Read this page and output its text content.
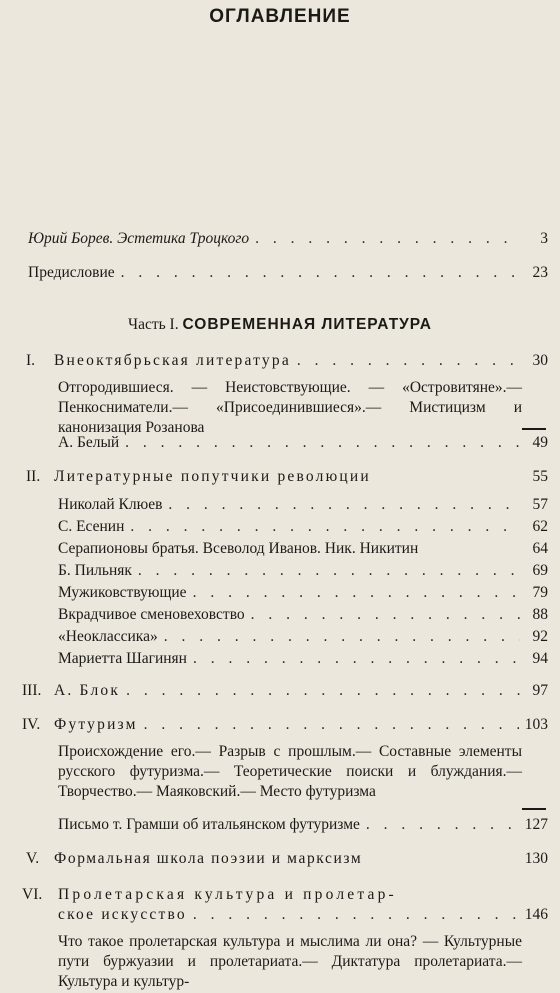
ОГЛАВЛЕНИЕ
Юрий Борев. Эстетика Троцкого . . .	3
Предисловие . . .	23
Часть I. СОВРЕМЕННАЯ ЛИТЕРАТУРА
I.	Внеоктябрьская литература . . .	30
Отгородившиеся. — Неистовствующие. — «Островитяне».— Пенкосниматели.— «Присоединившиеся».— Мистицизм и канонизация Розанова
А. Белый . . .	49
II. Литературные попутчики революции	55
Николай Клюев . . .	57
С. Есенин . . .	62
Серапионовы братья. Всеволод Иванов. Ник. Никитин	64
Б. Пильняк . . .	69
Мужиковствующие . . .	79
Вкрадчивое сменовеховство . . .	88
«Неоклассика» . . .	92
Мариетта Шагинян . . .	94
III. А. Блок . . .	97
IV. Футуризм . . .	103
Происхождение его.— Разрыв с прошлым.— Составные элементы русского футуризма.— Теоретические поиски и блуждания.— Творчество.— Маяковский.— Место футуризма
Письмо т. Грамши об итальянском футуризме . . .	127
V. Формальная школа поэзии и марксизм	130
VI.	Пролетарская культура и пролетар-
ское искусство . . .	146
Что такое пролетарская культура и мыслима ли она? — Культурные пути буржуазии и пролетариата.— Диктатура пролетариата.— Культура и культур-
